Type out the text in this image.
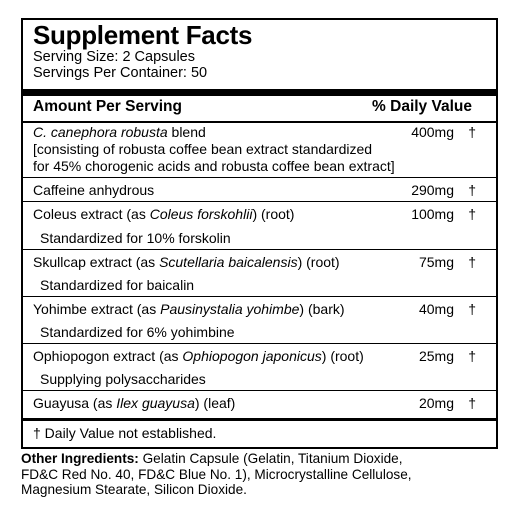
Supplement Facts
Serving Size: 2 Capsules
Servings Per Container: 50
Amount Per Serving	% Daily Value
C. canephora robusta blend	400mg †
[consisting of robusta coffee bean extract standardized
for 45% chorogenic acids and robusta coffee bean extract]
Caffeine anhydrous	290mg †
Coleus extract (as Coleus forskohlii) (root)	100mg †
Standardized for 10% forskolin
Skullcap extract (as Scutellaria baicalensis) (root)	75mg †
Standardized for baicalin
Yohimbe extract (as Pausinystalia yohimbe) (bark)	40mg †
Standardized for 6% yohimbine
Ophiopogon extract (as Ophiopogon japonicus) (root)	25mg †
Supplying polysaccharides
Guayusa (as Ilex guayusa) (leaf)	20mg †
† Daily Value not established.
Other Ingredients: Gelatin Capsule (Gelatin, Titanium Dioxide,
FD&C Red No. 40, FD&C Blue No. 1), Microcrystalline Cellulose,
Magnesium Stearate, Silicon Dioxide.
